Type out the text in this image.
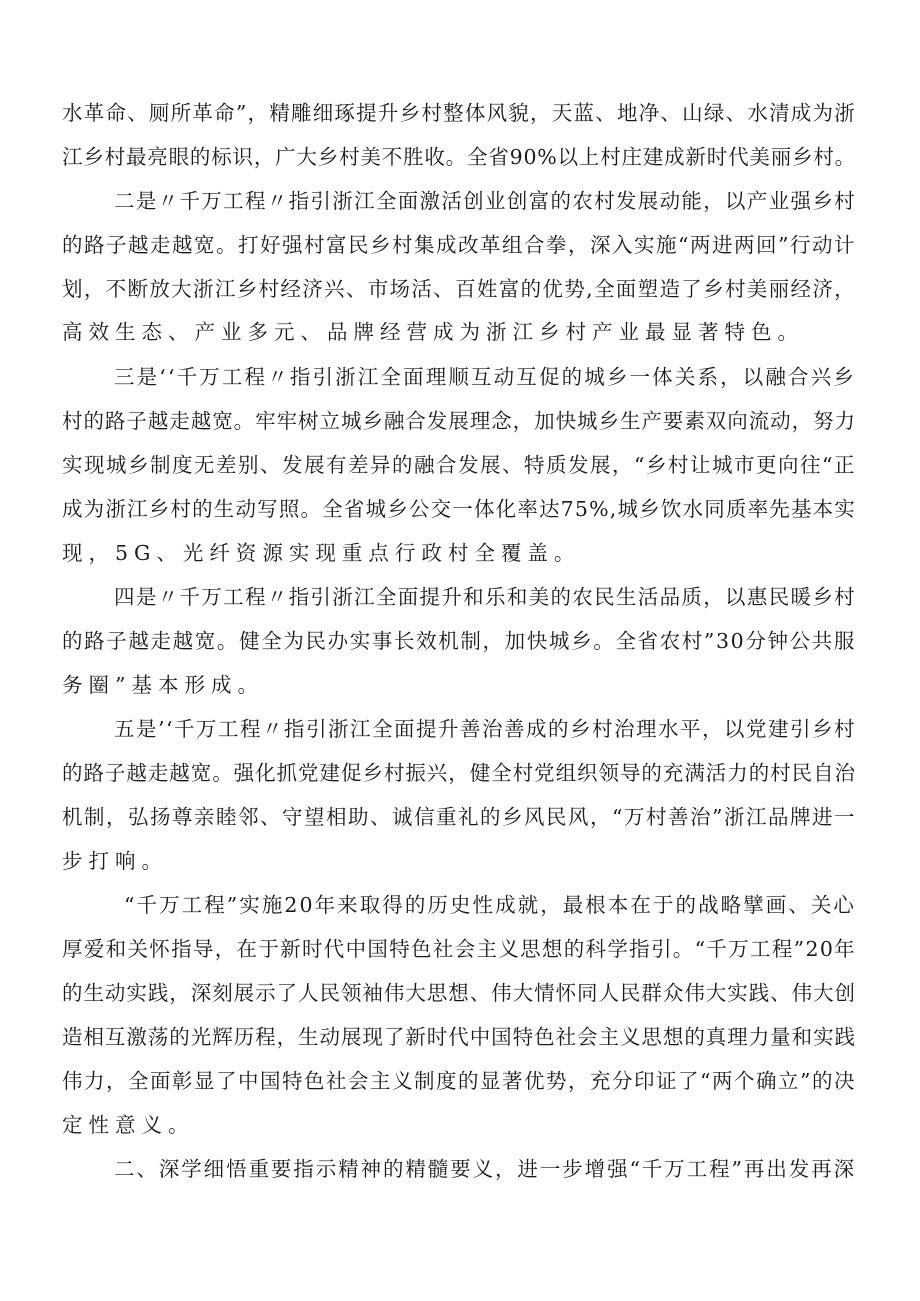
水革命、厕所革命”，精雕细琢提升乡村整体风貌，天蓝、地净、山绿、水清成为浙
江乡村最亮眼的标识，广大乡村美不胜收。全省90%以上村庄建成新时代美丽乡村。
二是〃千万工程〃指引浙江全面激活创业创富的农村发展动能，以产业强乡村
的路子越走越宽。打好强村富民乡村集成改革组合拳，深入实施“两进两回”行动计
划，不断放大浙江乡村经济兴、市场活、百姓富的优势,全面塑造了乡村美丽经济，
高效生态、产业多元、品牌经营成为浙江乡村产业最显著特色。
三是‘‘千万工程〃指引浙江全面理顺互动互促的城乡一体关系，以融合兴乡
村的路子越走越宽。牢牢树立城乡融合发展理念，加快城乡生产要素双向流动，努力
实现城乡制度无差别、发展有差异的融合发展、特质发展，“乡村让城市更向往“正
成为浙江乡村的生动写照。全省城乡公交一体化率达75%,城乡饮水同质率先基本实
现，5G、光纤资源实现重点行政村全覆盖。
四是〃千万工程〃指引浙江全面提升和乐和美的农民生活品质，以惠民暖乡村
的路子越走越宽。健全为民办实事长效机制，加快城乡。全省农村”30分钟公共服
务圈”基本形成。
五是’‘千万工程〃指引浙江全面提升善治善成的乡村治理水平，以党建引乡村
的路子越走越宽。强化抓党建促乡村振兴，健全村党组织领导的充满活力的村民自治
机制，弘扬尊亲睦邻、守望相助、诚信重礼的乡风民风，“万村善治”浙江品牌进一
步打响。
“千万工程”实施20年来取得的历史性成就，最根本在于的战略擘画、关心
厚爱和关怀指导，在于新时代中国特色社会主义思想的科学指引。“千万工程”20年
的生动实践，深刻展示了人民领袖伟大思想、伟大情怀同人民群众伟大实践、伟大创
造相互激荡的光辉历程，生动展现了新时代中国特色社会主义思想的真理力量和实践
伟力，全面彰显了中国特色社会主义制度的显著优势，充分印证了“两个确立”的决
定性意义。
二、深学细悟重要指示精神的精髓要义，进一步增强“千万工程”再出发再深
